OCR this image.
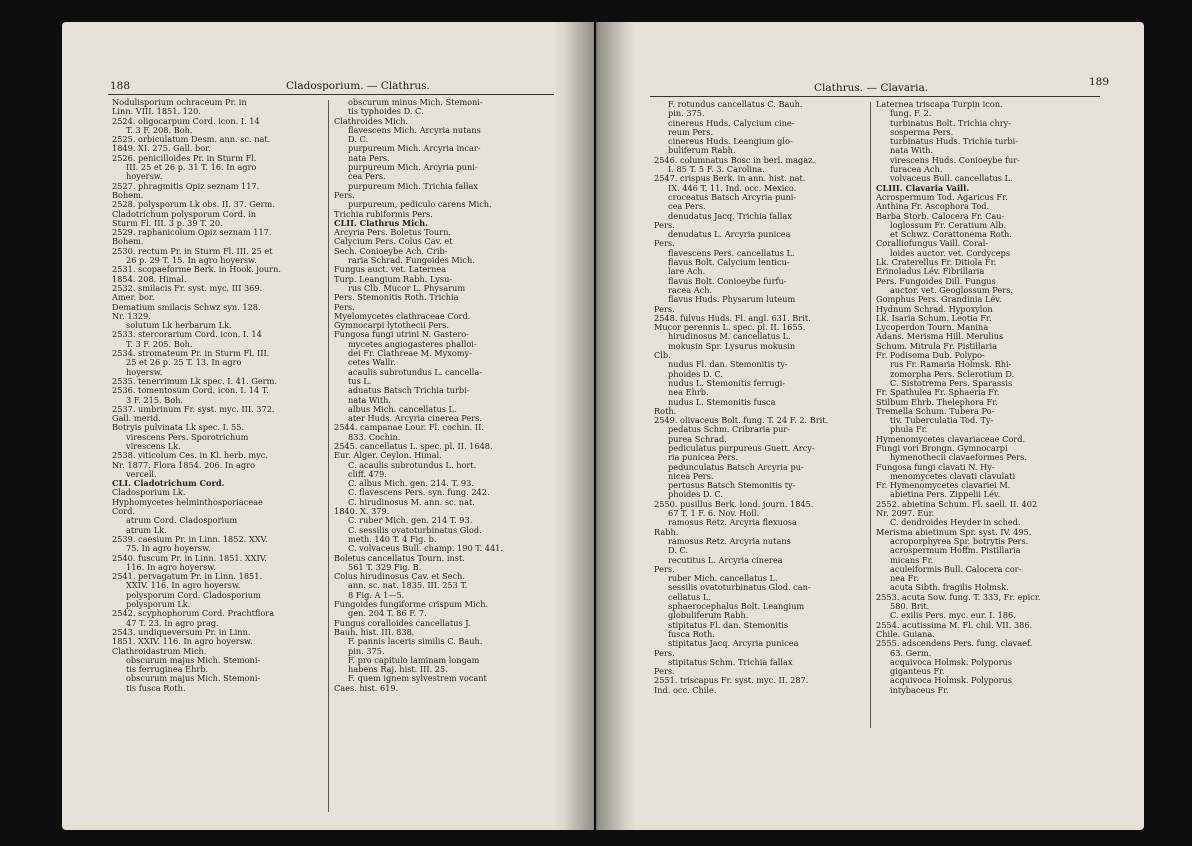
188	Cladosporium. — Clathrus.
Nodulisporium ochraceum Pr. in
Linn. VIII. 1851. 120.
2524. oligocarpum Cord. icon. I. 14
T. 3 F. 208. Boh.
2525. orbiculatum Desm. ann. sc. nat.
1849. XI. 275. Gall. bor.
2526. penicilloides Pr. in Sturm Fl.
III. 25 et 26 p. 31 T. 16. In agro
hoyersw.
2527. phragmitis Opiz seznam 117.
Bohem.
2528. polysporum Lk obs. II. 37. Germ.
Cladotrichum polysporum Cord. in
Sturm Fl. III. 3 p. 39 T. 20.
2529. raphanicolum Opiz seznam 117.
Bohem.
2530. rectum Pr. in Sturm Fl. III. 25 et
26 p. 29 T. 15. In agro hoyersw.
2531. scopaeforme Berk. in Hook. journ.
1854. 208. Himal.
2532. smilacis Fr. syst. myc. III 369.
Amer. bor.
Dematium smilacis Schwz syn. 128.
Nr. 1329.
solutum Lk herbarum Lk.
2533. stercorarium Cord. icon. I. 14
T. 3 F. 205. Boh.
2534. stromateum Pr. in Sturm Fl. III.
25 et 26 p. 25 T. 13. In agro
hoyersw.
2535. tenerrimum Lk spec. I. 41. Germ.
2536. tomentosum Cord. icon. I. 14 T.
3 F. 215. Boh.
2537. umbrinum Fr. syst. myc. III. 372.
Gall. merid.
Botryis pulvinata Lk spec. I. 55.
virescens Pers. Sporotrichum
virescens Lk.
2538. viticolum Ces. in Kl. herb. myc.
Nr. 1877. Flora 1854. 206. In agro
vercell.
CLI. Cladotrichum Cord.
Cladosporium Lk.
Hyphomycetes helminthosporiaceae
Cord.
atrum Cord. Cladosporium
atrum Lk.
2539. caesium Pr. in Linn. 1852. XXV.
75. In agro hoyersw.
2540. fuscum Pr. in Linn. 1851. XXIV.
116. In agro hoyersw.
2541. pervagatum Pr. in Linn. 1851.
XXIV. 116. In agro hoyersw.
polysporum Cord. Cladosporium
polysporum Lk.
2542. scyphophorum Cord. Prachtflora
47 T. 23. In agro prag.
2543. undiqueversum Pr. in Linn.
1851. XXIV. 116. In agro hoyersw.
Clathroidastrum Mich.
obscurum majus Mich. Stemoni-
tis ferruginea Ehrb.
obscurum majus Mich. Stemoni-
tis fusca Roth.
obscurum minus Mich. Stemoni-
tis typhoides D. C.
Clathroides Mich.
flavescens Mich. Arcyria nutans
D. C.
purpureum Mich. Arcyria incar-
nata Pers.
purpureum Mich. Arcyria puni-
cea Pers.
purpureum Mich. Trichia fallax
Pers.
purpureum, pediculo carens Mich.
Trichia rubiformis Pers.
CLII. Clathrus Mich.
Arcyria Pers. Boletus Tourn.
Calycium Pers. Colus Cav. et
Sech. Conioeybe Ach. Crib-
raria Schrad. Fungoides Mich.
Fungus auct. vet. Laternea
Turp. Leangium Rabh. Lysu-
rus Clb. Mucor L. Physarum
Pers. Stemonitis Roth. Trichia
Pers.
Myelomycetes clathraceae Cord.
Gymnocarpi lytothecii Pers.
Fungosa fungi utrini N. Gastero-
mycetes angiogasteres phalloi-
dei Fr. Clathreae M. Myxomy-
cetes Wallr.
acaulis subrotundus L. cancella-
tus L.
aduatus Batsch Trichia turbi-
nata With.
albus Mich. cancellatus L.
ater Huds. Arcyria cinerea Pers.
2544. campanae Lour. Fl. cochin. II.
833. Cochin.
2545. cancellatus L. spec. pl. II. 1648.
Eur. Alger. Ceylon. Himal.
C. acaulis subrotundus L. hort.
cliff. 479.
C. albus Mich. gen. 214. T. 93.
C. flavescens Pers. syn. fung. 242.
C. hirudinosus M. ann. sc. nat.
1840. X. 379.
C. ruber Mich. gen. 214 T. 93.
C. sessilis ovatoturbinatus Glod.
meth. 140 T. 4 Fig. b.
C. volvaceus Bull. champ. 190 T. 441.
Boletus cancellatus Tourn. inst.
561 T. 329 Fig. B.
Colus hirudinosus Cav. et Sech.
ann. sc. nat. 1835. III. 253 T.
8 Fig. A 1—5.
Fungoides fungiforme crispum Mich.
gen. 204 T. 86 F. 7.
Fungus coralloides cancellatus J.
Bauh. hist. III. 838.
F. pannis laceris similis C. Bauh.
pin. 375.
F. pro capitulo laminam longam
habens Raj. hist. III. 25.
F. quem ignem sylvestrem vocant
Caes. hist. 619.
Clathrus. — Clavaria.	189
F. rotundus cancellatus C. Bauh.
pin. 375.
cinereus Huds. Calycium cine-
reum Pers.
cinereus Huds. Leangium glo-
buliferum Rabh.
2546. columnatus Bosc in berl. magaz.
I. 85 T. 5 F. 3. Carolina.
2547. crispus Berk. in ann. hist. nat.
IX. 446 T. 11. Ind. occ. Mexico.
croceatus Batsch Arcyria puni-
cea Pers.
denudatus Jacq. Trichia fallax
Pers.
denudatus L. Arcyria punicea
Pers.
flavescens Pers. cancellatus L.
flavus Bolt. Calycium lenticu-
lare Ach.
flavus Bolt. Conioeybe furfu-
racea Ach.
flavus Huds. Physarum luteum
Pers.
2548. fulvus Huds. Fl. angl. 631. Brit.
Mucor perennis L. spec. pl. II. 1655.
hirudinosus M. cancellatus L.
mokusin Spr. Lysurus mokusin
Clb.
nudus Fl. dan. Stemonitis ty-
phoides D. C.
nudus L. Stemonitis ferrugi-
nea Ehrb.
nudus L. Stemonitis fusca
Roth.
2549. olivaceus Bolt. fung. T. 24 F. 2. Brit.
pedatus Schm. Cribraria pur-
purea Schrad.
pediculatus purpureus Guett. Arcy-
ria punicea Pers.
pedunculatus Batsch Arcyria pu-
nicea Pers.
pertusus Batsch Stemonitis ty-
phoides D. C.
2550. pusillus Berk. lond. journ. 1845.
67 T. 1 F. 6. Nov. Holl.
ramosus Retz. Arcyria flexuosa
Rabh.
ramosus Retz. Arcyria nutans
D. C.
recutitus L. Arcyria cinerea
Pers.
ruber Mich. cancellatus L.
sessilis ovatoturbinatus Glod. can-
cellatus L.
sphaerocephalus Bolt. Leangium
globuliferum Rabh.
stipitatus Fl. dan. Stemonitis
fusca Roth.
stipitatus Jacq. Arcyria punicea
Pers.
stipitatus Schm. Trichia fallax
Pers.
2551. triscapus Fr. syst. myc. II. 287.
Ind. occ. Chile.
Laternea triscapa Turpin icon.
fung. F. 2.
turbinatus Bolt. Trichia chry-
sosperma Pers.
turbinatus Huds. Trichia turbi-
nata With.
virescens Huds. Conioeybe fur-
furacea Ach.
volvaceus Bull. cancellatus L.
CLIII. Clavaria Vaill.
Acrospermum Tod. Agaricus Fr.
Anthina Fr. Ascophora Tod.
Barba Storb. Calocera Fr. Cau-
loglossum Fr. Ceratium Alb.
et Schwz. Corattonema Roth.
Coralliofungus Vaill. Coral-
loides auctor. vet. Cordyceps
Lk. Craterellus Fr. Ditiola Fr.
Erinoladus Lév. Fibrillaria
Pers. Fungoides Dill. Fungus
auctor. vet. Geoglossum Pers.
Gomphus Pers. Grandinia Lév.
Hydnum Schrad. Hypoxylon
Lk. Isaria Schum. Leotia Fr.
Lycoperdon Tourn. Manina
Adans. Merisma Hill. Merulius
Schum. Mitrula Fr. Pistillaria
Fr. Podisoma Dub. Polypo-
rus Fr. Ramaria Holmsk. Rhi-
zomorpha Pers. Sclerotium D.
C. Sistotrema Pers. Sparassis
Fr. Spathulea Fr. Sphaeria Fr.
Stilbum Ehrb. Thelephora Fr.
Tremella Schum. Tubera Po-
tiv. Tuberculatia Tod. Ty-
phula Fr.
Hymenomycetes clavariaceae Cord.
Fungi vori Brongn. Gymnocarpi
hymenothecii clavaeformes Pers.
Fungosa fungi clavati N. Hy-
menomycetes clavati clavulati
Fr. Hymenomycetes clavariei M.
abietina Pers. Zippelii Lév.
2552. abietina Schum. Fl. saell. II. 402
Nr. 2097. Eur.
C. dendroides Heyder in sched.
Merisma abietinum Spr. syst. IV. 495.
acroporphyrea Spr. botrytis Pers.
acrospermum Hoffm. Pistillaria
micans Fr.
aculeiformis Bull. Calocera cor-
nea Fr.
acuta Sibth. fragilis Holmsk.
2553. acuta Sow. fung. T. 333, Fr. epicr.
580. Brit.
C. exilis Pers. myc. eur. I. 186.
2554. acutissima M. Fl. chil. VII. 386.
Chile. Guiana.
2555. adscendens Pers. fung. clavaef.
63. Germ.
acquivoca Holmsk. Polyporus
giganteus Fr.
acquivoca Holmsk. Polyporus
intybaceus Fr.
